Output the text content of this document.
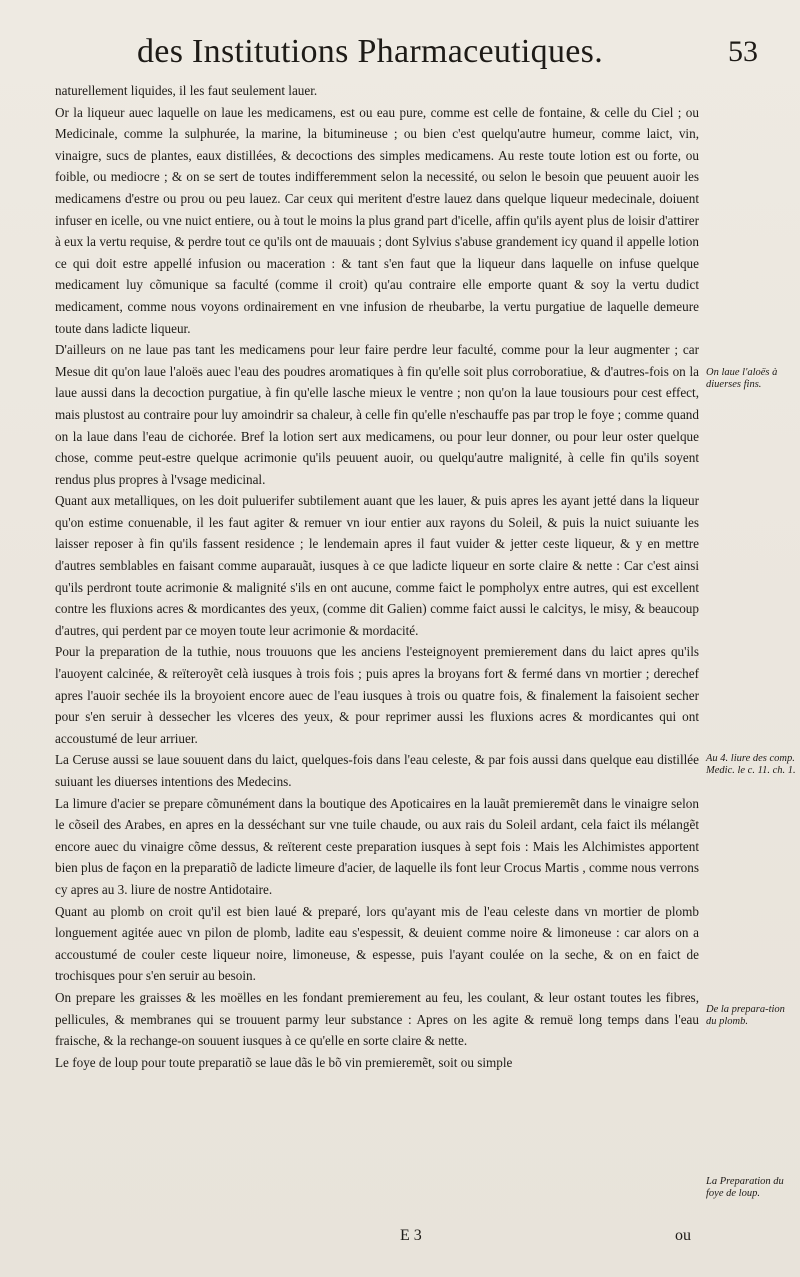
des Institutions Pharmaceutiques.	53

naturellement liquides, il les faut seulement lauer.

Or la liqueur auec laquelle on laue les medicamens, est ou eau pure, comme est celle de fontaine, & celle du Ciel ; ou Medicinale, comme la sulphurée, la marine, la bitumineuse ; ou bien c'est quelqu'autre humeur, comme laict, vin, vinaigre, sucs de plantes, eaux distillées, & decoctions des simples medicamens. Au reste toute lotion est ou forte, ou foible, ou mediocre ; & on se sert de toutes indifferemment selon la necessité, ou selon le besoin que peuuent auoir les medicamens d'estre ou prou ou peu lauez. Car ceux qui meritent d'estre lauez dans quelque liqueur medecinale, doiuent infuser en icelle, ou vne nuict entiere, ou à tout le moins la plus grand part d'icelle, affin qu'ils ayent plus de loisir d'attirer à eux la vertu requise, & perdre tout ce qu'ils ont de mauuais ; dont Sylvius s'abuse grandement icy quand il appelle lotion ce qui doit estre appellé infusion ou maceration : & tant s'en faut que la liqueur dans laquelle on infuse quelque medicament luy cõmunique sa faculté (comme il croit) qu'au contraire elle emporte quant & soy la vertu dudict medicament, comme nous voyons ordinairement en vne infusion de rheubarbe, la vertu purgatiue de laquelle demeure toute dans ladicte liqueur.

D'ailleurs on ne laue pas tant les medicamens pour leur faire perdre leur faculté, comme pour la leur augmenter ; car Mesue dit qu'on laue l'aloës auec l'eau des poudres aromatiques à fin qu'elle soit plus corroboratiue, & d'autres-fois on la laue aussi dans la decoction purgatiue, à fin qu'elle lasche mieux le ventre ; non qu'on la laue tousiours pour cest effect, mais plustost au contraire pour luy amoindrir sa chaleur, à celle fin qu'elle n'eschauffe pas par trop le foye ; comme quand on la laue dans l'eau de cichorée. Bref la lotion sert aux medicamens, ou pour leur donner, ou pour leur oster quelque chose, comme peut-estre quelque acrimonie qu'ils peuuent auoir, ou quelqu'autre malignité, à celle fin qu'ils soyent rendus plus propres à l'vsage medicinal.

Quant aux metalliques, on les doit puluerifer subtilement auant que les lauer, & puis apres les ayant jetté dans la liqueur qu'on estime conuenable, il les faut agiter & remuer vn iour entier aux rayons du Soleil, & puis la nuict suiuante les laisser reposer à fin qu'ils fassent residence ; le lendemain apres il faut vuider & jetter ceste liqueur, & y en mettre d'autres semblables en faisant comme auparauãt, iusques à ce que ladicte liqueur en sorte claire & nette : Car c'est ainsi qu'ils perdront toute acrimonie & malignité s'ils en ont aucune, comme faict le pompholyx entre autres, qui est excellent contre les fluxions acres & mordicantes des yeux, (comme dit Galien) comme faict aussi le calcitys, le misy, & beaucoup d'autres, qui perdent par ce moyen toute leur acrimonie & mordacité.

Pour la preparation de la tuthie, nous trouuons que les anciens l'esteignoyent premierement dans du laict apres qu'ils l'auoyent calcinée, & reïteroyẽt celà iusques à trois fois ; puis apres la broyans fort & fermé dans vn mortier ; derechef apres l'auoir sechée ils la broyoient encore auec de l'eau iusques à trois ou quatre fois, & finalement la faisoient secher pour s'en seruir à dessecher les vlceres des yeux, & pour reprimer aussi les fluxions acres & mordicantes qui ont accoustumé de leur arriuer.

La Ceruse aussi se laue souuent dans du laict, quelques-fois dans l'eau celeste, & par fois aussi dans quelque eau distillée suiuant les diuerses intentions des Medecins.

La limure d'acier se prepare cõmunément dans la boutique des Apoticaires en la lauãt premieremẽt dans le vinaigre selon le cõseil des Arabes, en apres en la desséchant sur vne tuile chaude, ou aux rais du Soleil ardant, cela faict ils mélangẽt encore auec du vinaigre cõme dessus, & reïterent ceste preparation iusques à sept fois : Mais les Alchimistes apportent bien plus de façon en la preparatiõ de ladicte limeure d'acier, de laquelle ils font leur Crocus Martis , comme nous verrons cy apres au 3. liure de nostre Antidotaire.

Quant au plomb on croit qu'il est bien laué & preparé, lors qu'ayant mis de l'eau celeste dans vn mortier de plomb longuement agitée auec vn pilon de plomb, ladite eau s'espessit, & deuient comme noire & limoneuse : car alors on a accoustumé de couler ceste liqueur noire, limoneuse, & espesse, puis l'ayant coulée on la seche, & on en faict de trochisques pour s'en seruir au besoin.

On prepare les graisses & les moëlles en les fondant premierement au feu, les coulant, & leur ostant toutes les fibres, pellicules, & membranes qui se trouuent parmy leur substance : Apres on les agite & remuë long temps dans l'eau fraische, & la rechange-on souuent iusques à ce qu'elle en sorte claire & nette.

Le foye de loup pour toute preparatiõ se laue dãs le bõ vin premieremẽt, soit ou simple

On laue l'aloës à diuerses fins.
Au 4. liure des comp. Medic. le c. 11. ch. 1.
De la prepara-tion du plomb.
La Preparation du foye de loup.
E 3	ou
